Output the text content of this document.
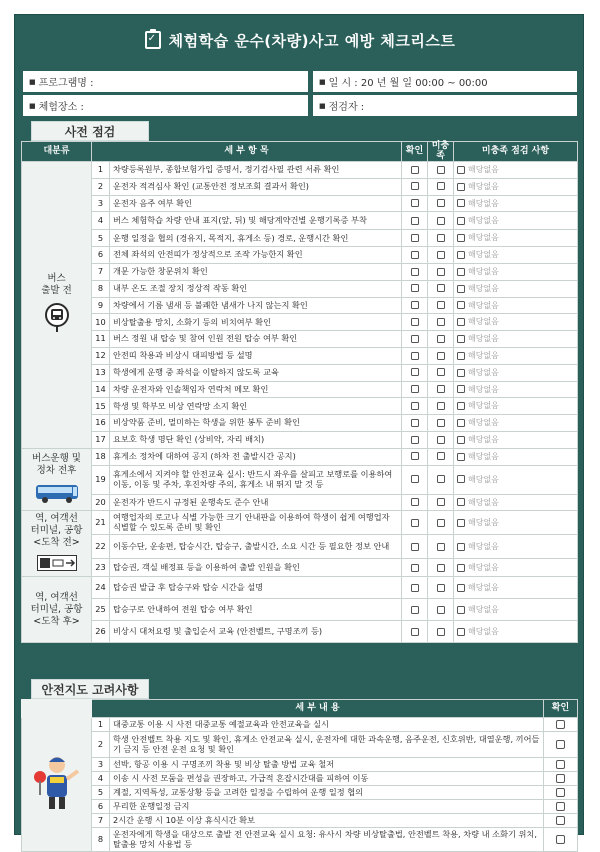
✓
체험학습 운수(차량)사고 예방 체크리스트
■ 프로그램명 :	■ 일 시 : 20 년 월 일 00:00 ~ 00:00
■ 체험장소 :	■ 점검자 :
사전 점검
대분류	세 부 항 목		확인	미충족	미충족 점검 사항

버스
출발 전	1	차량등록원부, 종합보험가입 증명서, 정기검사필 관련 서류 확인			해당없음
	2	운전자 적격심사 확인 (교통안전 정보조회 결과서 확인)			해당없음
	3	운전자 음주 여부 확인			해당없음
	4	버스 체험학습 차량 안내 표지(앞, 뒤) 및 해당계약건별 운행기록증 부착			해당없음
	5	운행 일정을 협의 (경유지, 목적지, 휴게소 등) 경로, 운행시간 확인			해당없음
	6	전체 좌석의 안전띠가 정상적으로 조작 가능한지 확인			해당없음
	7	개문 가능한 창문위치 확인			해당없음
	8	내부 온도 조절 장치 정상적 작동 확인			해당없음
	9	차량에서 기름 냄새 등 불쾌한 냄새가 나지 않는지 확인			해당없음
	10	비상탈출용 망치, 소화기 등의 비치여부 확인			해당없음
	11	버스 정원 내 탑승 및 참여 인원 전원 탑승 여부 확인			해당없음
	12	안전띠 착용과 비상시 대피방법 등 설명			해당없음
	13	학생에게 운행 중 좌석을 이탈하지 않도록 교육			해당없음
	14	차량 운전자와 인솔책임자 연락처 메모 확인			해당없음
	15	학생 및 학부모 비상 연락망 소지 확인			해당없음
	16	비상약품 준비, 멀미하는 학생을 위한 봉투 준비 확인			해당없음
	17	요보호 학생 명단 확인 (상비약, 자리 배치)			해당없음

버스운행 및
정차 전후	18	휴게소 정차에 대하여 공지 (하차 전 출발시간 공지)			해당없음
	19	휴게소에서 지켜야 할 안전교육 실시: 반드시 좌우를 살피고 보행로를 이용하여 이동, 이동 및 주차, 후진차량 주의, 휴게소 내 뛰지 말 것 등			해당없음
	20	운전자가 반드시 규정된 운행속도 준수 안내			해당없음

역, 여객선
터미널, 공항
<도착 전>	21	여행업자의 로고나 식별 가능한 크기 안내판을 이용하여 학생이 쉽게 여행업자 식별할 수 있도록 준비 및 확인			해당없음
	22	이동수단, 운송편, 탑승시간, 탑승구, 출발시간, 소요 시간 등 필요한 정보 안내			해당없음
	23	탑승권, 객실 배정표 등을 이용하여 출발 인원을 확인			해당없음

역, 여객선
터미널, 공항
<도착 후>	24	탑승권 발급 후 탑승구와 탑승 시간을 설명			해당없음
	25	탑승구로 안내하여 전원 탑승 여부 확인			해당없음
	26	비상시 대처요령 및 출입순서 교육 (안전벨트, 구명조끼 등)			해당없음
안전지도 고려사항
	세 부 내 용		확인
	1	대중교통 이용 시 사전 대중교통 예절교육과 안전교육을 실시	
	2	학생 안전벨트 착용 지도 및 확인, 휴게소 안전교육 실시, 운전자에 대한 과속운행, 음주운전, 신호위반, 대열운행, 끼어들기 금지 등 안전 운전 요청 및 확인	
	3	선박, 항공 이용 시 구명조끼 착용 및 비상 탈출 방법 교육 철저	
	4	이송 시 사전 모둠을 편성을 권장하고, 가급적 혼잡시간대를 피하여 이동	
	5	계절, 지역특성, 교통상황 등을 고려한 일정을 수립하여 운행 일정 협의	
	6	무리한 운행일정 금지	
	7	2시간 운행 시 10분 이상 휴식시간 확보	
	8	운전자에게 학생을 대상으로 출발 전 안전교육 실시 요청: 유사시 차량 비상탈출법, 안전벨트 착용, 차량 내 소화기 위치, 탈출용 망치 사용법 등	
